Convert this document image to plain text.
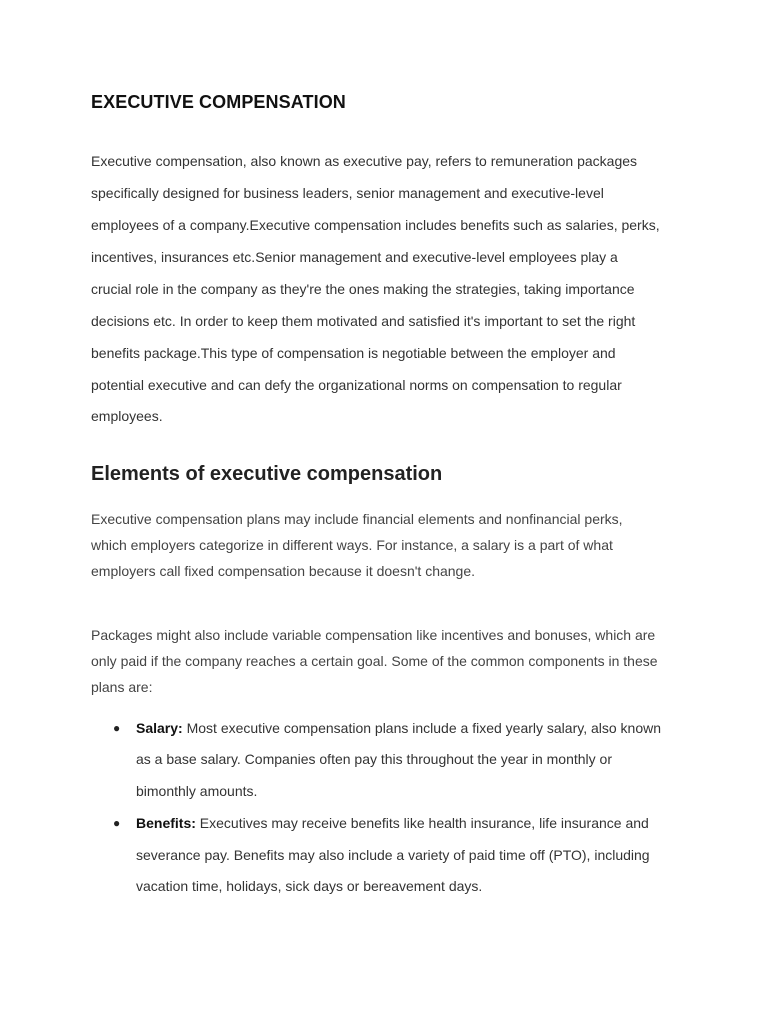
EXECUTIVE COMPENSATION

Executive compensation, also known as executive pay, refers to remuneration packages

specifically designed for business leaders, senior management and executive-level

employees of a company.Executive compensation includes benefits such as salaries, perks,

incentives, insurances etc.Senior management and executive-level employees play a

crucial role in the company as they're the ones making the strategies, taking importance

decisions etc. In order to keep them motivated and satisfied it's important to set the right

benefits package.This type of compensation is negotiable between the employer and

potential executive and can defy the organizational norms on compensation to regular

employees.

Elements of executive compensation

Executive compensation plans may include financial elements and nonfinancial perks,

which employers categorize in different ways. For instance, a salary is a part of what

employers call fixed compensation because it doesn't change.

Packages might also include variable compensation like incentives and bonuses, which are

only paid if the company reaches a certain goal. Some of the common components in these

plans are:

● Salary: Most executive compensation plans include a fixed yearly salary, also known

as a base salary. Companies often pay this throughout the year in monthly or

bimonthly amounts.

● Benefits: Executives may receive benefits like health insurance, life insurance and

severance pay. Benefits may also include a variety of paid time off (PTO), including

vacation time, holidays, sick days or bereavement days.
